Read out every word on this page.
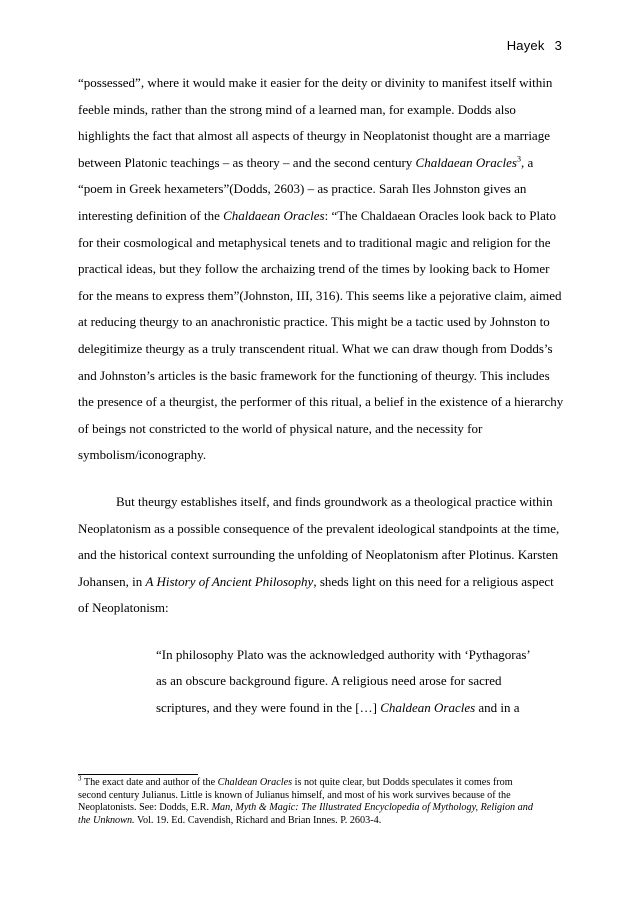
Hayek 3

“possessed”, where it would make it easier for the deity or divinity to manifest itself within
feeble minds, rather than the strong mind of a learned man, for example. Dodds also
highlights the fact that almost all aspects of theurgy in Neoplatonist thought are a marriage
between Platonic teachings – as theory – and the second century Chaldaean Oracles$^3$, a
“poem in Greek hexameters”(Dodds, 2603) – as practice. Sarah Iles Johnston gives an
interesting definition of the Chaldaean Oracles: “The Chaldaean Oracles look back to Plato
for their cosmological and metaphysical tenets and to traditional magic and religion for the
practical ideas, but they follow the archaizing trend of the times by looking back to Homer
for the means to express them”(Johnston, III, 316). This seems like a pejorative claim, aimed
at reducing theurgy to an anachronistic practice. This might be a tactic used by Johnston to
delegitimize theurgy as a truly transcendent ritual. What we can draw though from Dodds’s
and Johnston’s articles is the basic framework for the functioning of theurgy. This includes
the presence of a theurgist, the performer of this ritual, a belief in the existence of a hierarchy
of beings not constricted to the world of physical nature, and the necessity for
symbolism/iconography.

But theurgy establishes itself, and finds groundwork as a theological practice within
Neoplatonism as a possible consequence of the prevalent ideological standpoints at the time,
and the historical context surrounding the unfolding of Neoplatonism after Plotinus. Karsten
Johansen, in A History of Ancient Philosophy, sheds light on this need for a religious aspect
of Neoplatonism:

“In philosophy Plato was the acknowledged authority with ‘Pythagoras’
as an obscure background figure. A religious need arose for sacred
scriptures, and they were found in the […] Chaldean Oracles and in a

$^3$ The exact date and author of the Chaldean Oracles is not quite clear, but Dodds speculates it comes from
second century Julianus. Little is known of Julianus himself, and most of his work survives because of the
Neoplatonists. See: Dodds, E.R. Man, Myth & Magic: The Illustrated Encyclopedia of Mythology, Religion and
the Unknown. Vol. 19. Ed. Cavendish, Richard and Brian Innes. P. 2603-4.
